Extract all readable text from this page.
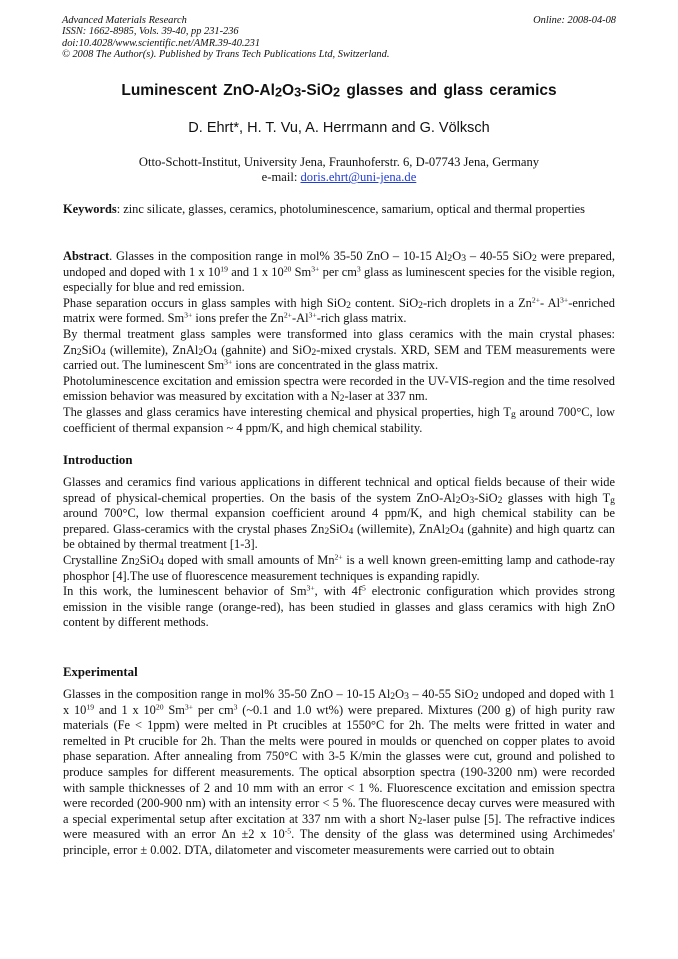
Advanced Materials Research	Online: 2008-04-08
ISSN: 1662-8985, Vols. 39-40, pp 231-236
doi:10.4028/www.scientific.net/AMR.39-40.231
© 2008 The Author(s). Published by Trans Tech Publications Ltd, Switzerland.
Luminescent ZnO-$Al_2O_3-SiO_2$ glasses and glass ceramics
D. Ehrt*, H. T. Vu, A. Herrmann and G. Völksch
Otto-Schott-Institut, University Jena, Fraunhoferstr. 6, D-07743 Jena, Germany
e-mail: doris.ehrt@uni-jena.de

Keywords: zinc silicate, glasses, ceramics, photoluminescence, samarium, optical and thermal properties

Abstract. Glasses in the composition range in mol% 35-50 ZnO – 10-15 $Al_2O_3 - 40-55$ SiO$_2$ were prepared, undoped and doped with 1 x $10^{19}$ and 1 x $10^{20}$ $Sm^{3+}$ per $cm^3$ glass as luminescent species for the visible region, especially for blue and red emission.

Phase separation occurs in glass samples with high SiO$_2$ content. SiO$_2$-rich droplets in a $Zn^{2+}-$ $Al^{3+}$-enriched matrix were formed. $Sm^{3+}$ ions prefer the $Zn^{2+}-Al^{3+}$-rich glass matrix.

By thermal treatment glass samples were transformed into glass ceramics with the main crystal phases: $Zn_2SiO_4$ (willemite), $ZnAl_2O_4$ (gahnite) and SiO$_2$-mixed crystals. XRD, SEM and TEM measurements were carried out. The luminescent $Sm^{3+}$ ions are concentrated in the glass matrix.

Photoluminescence excitation and emission spectra were recorded in the UV-VIS-region and the time resolved emission behavior was measured by excitation with a $N_2$-laser at 337 nm.

The glasses and glass ceramics have interesting chemical and physical properties, high $T_g$ around 700°C, low coefficient of thermal expansion ~ 4 ppm/K, and high chemical stability.

Introduction

Glasses and ceramics find various applications in different technical and optical fields because of their wide spread of physical-chemical properties. On the basis of the system ZnO-$Al_2O_3-SiO_2$ glasses with high $T_g$ around 700°C, low thermal expansion coefficient around 4 ppm/K, and high chemical stability can be prepared. Glass-ceramics with the crystal phases $Zn_2SiO_4$ (willemite), $ZnAl_2O_4$ (gahnite) and high quartz can be obtained by thermal treatment [1-3].

Crystalline $Zn_2SiO_4$ doped with small amounts of $Mn^{2+}$ is a well known green-emitting lamp and cathode-ray phosphor [4].The use of fluorescence measurement techniques is expanding rapidly.

In this work, the luminescent behavior of $Sm^{3+}$, with $4f^5$ electronic configuration which provides strong emission in the visible range (orange-red), has been studied in glasses and glass ceramics with high ZnO content by different methods.

Experimental

Glasses in the composition range in mol% 35-50 ZnO – 10-15 $Al_2O_3 - 40-55$ SiO$_2$ undoped and doped with 1 x $10^{19}$ and 1 x $10^{20}$ $Sm^{3+}$ per $cm^3$ (~0.1 and 1.0 wt%) were prepared. Mixtures (200 g) of high purity raw materials (Fe < 1ppm) were melted in Pt crucibles at 1550°C for 2h. The melts were fritted in water and remelted in Pt crucible for 2h. Than the melts were poured in moulds or quenched on copper plates to avoid phase separation. After annealing from 750°C with 3-5 K/min the glasses were cut, ground and polished to produce samples for different measurements. The optical absorption spectra (190-3200 nm) were recorded with sample thicknesses of 2 and 10 mm with an error < 1 %. Fluorescence excitation and emission spectra were recorded (200-900 nm) with an intensity error < 5 %. The fluorescence decay curves were measured with a special experimental setup after excitation at 337 nm with a short $N_2$-laser pulse [5]. The refractive indices were measured with an error Δn ±2 x $10^{-5}$. The density of the glass was determined using Archimedes' principle, error ± 0.002. DTA, dilatometer and viscometer measurements were carried out to obtain
